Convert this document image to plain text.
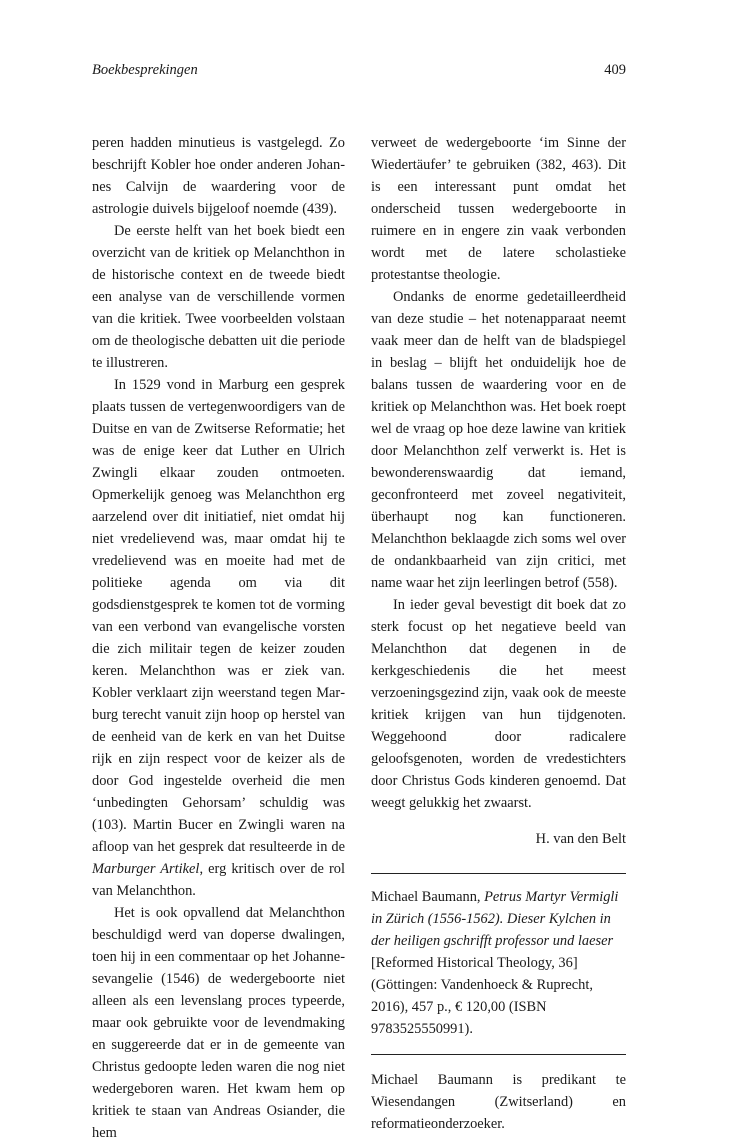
Boekbesprekingen	409

peren hadden minutieus is vastgelegd. Zo beschrijft Kobler hoe onder anderen Johannes Calvijn de waardering voor de astrologie duivels bijgeloof noemde (439).

De eerste helft van het boek biedt een overzicht van de kritiek op Melanchthon in de historische context en de tweede biedt een analyse van de verschillende vormen van die kritiek. Twee voorbeelden volstaan om de theologische debatten uit die periode te illustreren.

In 1529 vond in Marburg een gesprek plaats tussen de vertegenwoordigers van de Duitse en van de Zwitserse Reformatie; het was de enige keer dat Luther en Ulrich Zwingli elkaar zouden ontmoeten. Opmerkelijk genoeg was Melanchthon erg aarzelend over dit initiatief, niet omdat hij niet vredelievend was, maar omdat hij te vredelievend was en moeite had met de politieke agenda om via dit godsdienstgesprek te komen tot de vorming van een verbond van evangelische vorsten die zich militair tegen de keizer zouden keren. Melanchthon was er ziek van. Kobler verklaart zijn weerstand tegen Marburg terecht vanuit zijn hoop op herstel van de eenheid van de kerk en van het Duitse rijk en zijn respect voor de keizer als de door God ingestelde overheid die men ‘unbedingten Gehorsam’ schuldig was (103). Martin Bucer en Zwingli waren na afloop van het gesprek dat resulteerde in de Marburger Artikel, erg kritisch over de rol van Melanchthon.

Het is ook opvallend dat Melanchthon beschuldigd werd van doperse dwalingen, toen hij in een commentaar op het Johannesevangelie (1546) de wedergeboorte niet alleen als een levenslang proces typeerde, maar ook gebruikte voor de levendmaking en suggereerde dat er in de gemeente van Christus gedoopte leden waren die nog niet wedergeboren waren. Het kwam hem op kritiek te staan van Andreas Osiander, die hem

verweet de wedergeboorte ‘im Sinne der Wiedertäufer’ te gebruiken (382, 463). Dit is een interessant punt omdat het onderscheid tussen wedergeboorte in ruimere en in engere zin vaak verbonden wordt met de latere scholastieke protestantse theologie.

Ondanks de enorme gedetailleerdheid van deze studie – het notenapparaat neemt vaak meer dan de helft van de bladspiegel in beslag – blijft het onduidelijk hoe de balans tussen de waardering voor en de kritiek op Melanchthon was. Het boek roept wel de vraag op hoe deze lawine van kritiek door Melanchthon zelf verwerkt is. Het is bewonderenswaardig dat iemand, geconfronteerd met zoveel negativiteit, überhaupt nog kan functioneren. Melanchthon beklaagde zich soms wel over de ondankbaarheid van zijn critici, met name waar het zijn leerlingen betrof (558).

In ieder geval bevestigt dit boek dat zo sterk focust op het negatieve beeld van Melanchthon dat degenen in de kerkgeschiedenis die het meest verzoeningsgezind zijn, vaak ook de meeste kritiek krijgen van hun tijdgenoten. Weggehoond door radicalere geloofsgenoten, worden de vredestichters door Christus Gods kinderen genoemd. Dat weegt gelukkig het zwaarst.

H. van den Belt

Michael Baumann, Petrus Martyr Vermigli in Zürich (1556-1562). Dieser Kylchen in der heiligen gschrifft professor und laeser [Reformed Historical Theology, 36] (Göttingen: Vandenhoeck & Ruprecht, 2016), 457 p., € 120,00 (ISBN 9783525550991).

Michael Baumann is predikant te Wiesendangen (Zwitserland) en reformatieonderzoeker.
